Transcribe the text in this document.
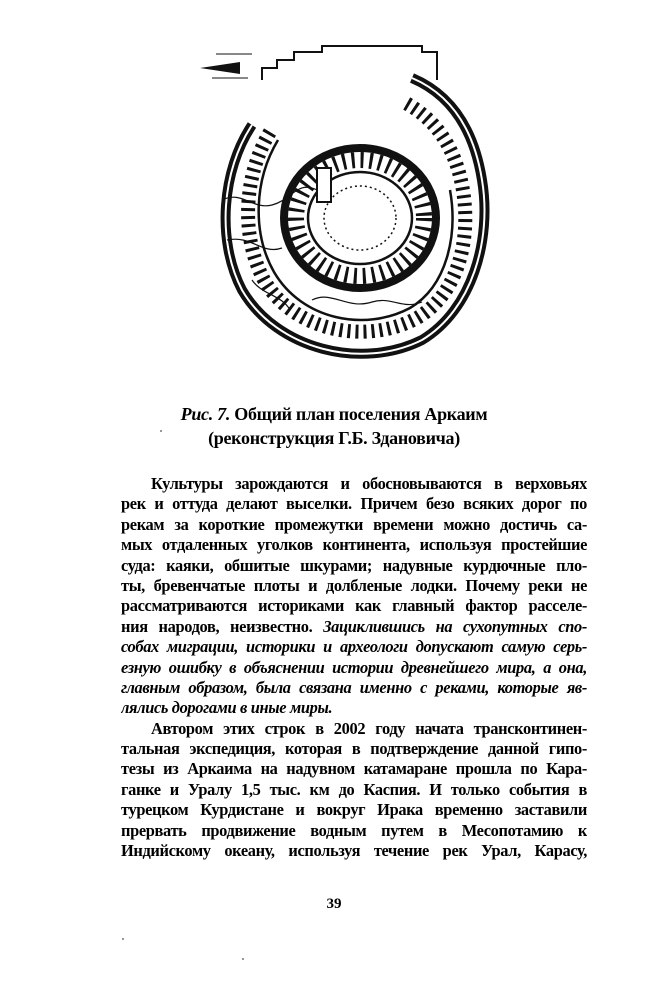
Рис. 7. Общий план поселения Аркаим
(реконструкция Г.Б. Здановича)
Культуры зарождаются и обосновываются в верховьях
рек и оттуда делают выселки. Причем безо всяких дорог по
рекам за короткие промежутки времени можно достичь са-
мых отдаленных уголков континента, используя простейшие
суда: каяки, обшитые шкурами; надувные курдючные пло-
ты, бревенчатые плоты и долбленые лодки. Почему реки не
рассматриваются историками как главный фактор расселе-
ния народов, неизвестно. Зациклившись на сухопутных спо-
собах миграции, историки и археологи допускают самую серь-
езную ошибку в объяснении истории древнейшего мира, а она,
главным образом, была связана именно с реками, которые яв-
лялись дорогами в иные миры.
Автором этих строк в 2002 году начата трансконтинен-
тальная экспедиция, которая в подтверждение данной гипо-
тезы из Аркаима на надувном катамаране прошла по Кара-
ганке и Уралу 1,5 тыс. км до Каспия. И только события в
турецком Курдистане и вокруг Ирака временно заставили
прервать продвижение водным путем в Месопотамию к
Индийскому океану, используя течение рек Урал, Карасу,
39
